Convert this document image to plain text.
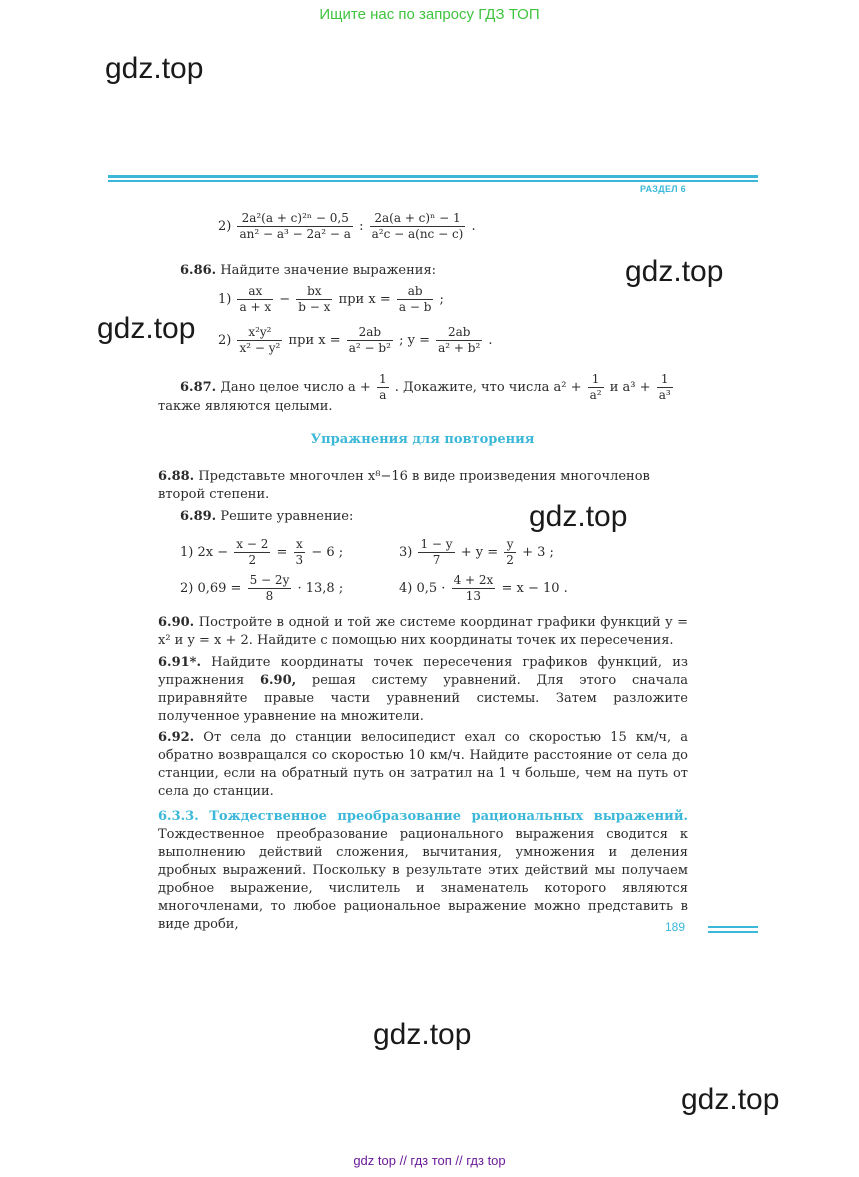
Ищите нас по запросу ГДЗ ТОП
gdz.top
gdz.top
gdz.top
gdz.top
gdz.top
gdz.top
РАЗДЕЛ 6
$2) \frac{\text{2a²(a + c)²ⁿ − 0,5}}{\text{an² − a³ − 2a² − a}}$ : $\frac{\text{2a(a + c)ⁿ − 1}}{\text{a²c − a(nc − c)}}$ .
6.86. Найдите значение выражения:
$1) \frac{ax}{a + x} - \frac{bx}{b - x}$ при $x = \frac{ab}{a - b}$ ;
$2) \frac{\text{x²y²}}{\text{x² − y²}}$ при $x = \frac{2ab}{\text{a² − b²}}$ ; $y = \frac{2ab}{\text{a² + b²}}$ .
6.87. Дано целое число $a + \frac{1}{a}$ . Докажите, что числа $a^2 + \frac{1}{\text{a²}}$ и $a^3 + \frac{1}{\text{a³}}$
также являются целыми.
Упражнения для повторения
6.88. Представьте многочлен x⁸−16 в виде произведения многочленов
второй степени.
6.89. Решите уравнение:
1) $2x - \frac{x - 2}{2} = \frac{x}{3} - 6$ ;	$3) \frac{1 - y}{7} + y = \frac{y}{2} + 3$ ;
2) $0,69 = \frac{5 - 2y}{8} \cdot 13,8$ ;	4) $0,5 \cdot \frac{4 + 2x}{13} = x - 10$ .
6.90. Постройте в одной и той же системе координат графики функций y = x² и y = x + 2. Найдите с помощью них координаты точек их пересечения.
6.91*. Найдите координаты точек пересечения графиков функций, из упражнения 6.90, решая систему уравнений. Для этого сначала приравняйте правые части уравнений системы. Затем разложите полученное уравнение на множители.
6.92. От села до станции велосипедист ехал со скоростью 15 км/ч, а обратно возвращался со скоростью 10 км/ч. Найдите расстояние от села до станции, если на обратный путь он затратил на 1 ч больше, чем на путь от села до станции.
6.3.3. Тождественное преобразование рациональных выражений. Тождественное преобразование рационального выражения сводится к выполнению действий сложения, вычитания, умножения и деления дробных выражений. Поскольку в результате этих действий мы получаем дробное выражение, числитель и знаменатель которого являются многочленами, то любое рациональное выражение можно представить в виде дроби,	189
gdz top // гдз топ // гдз top
